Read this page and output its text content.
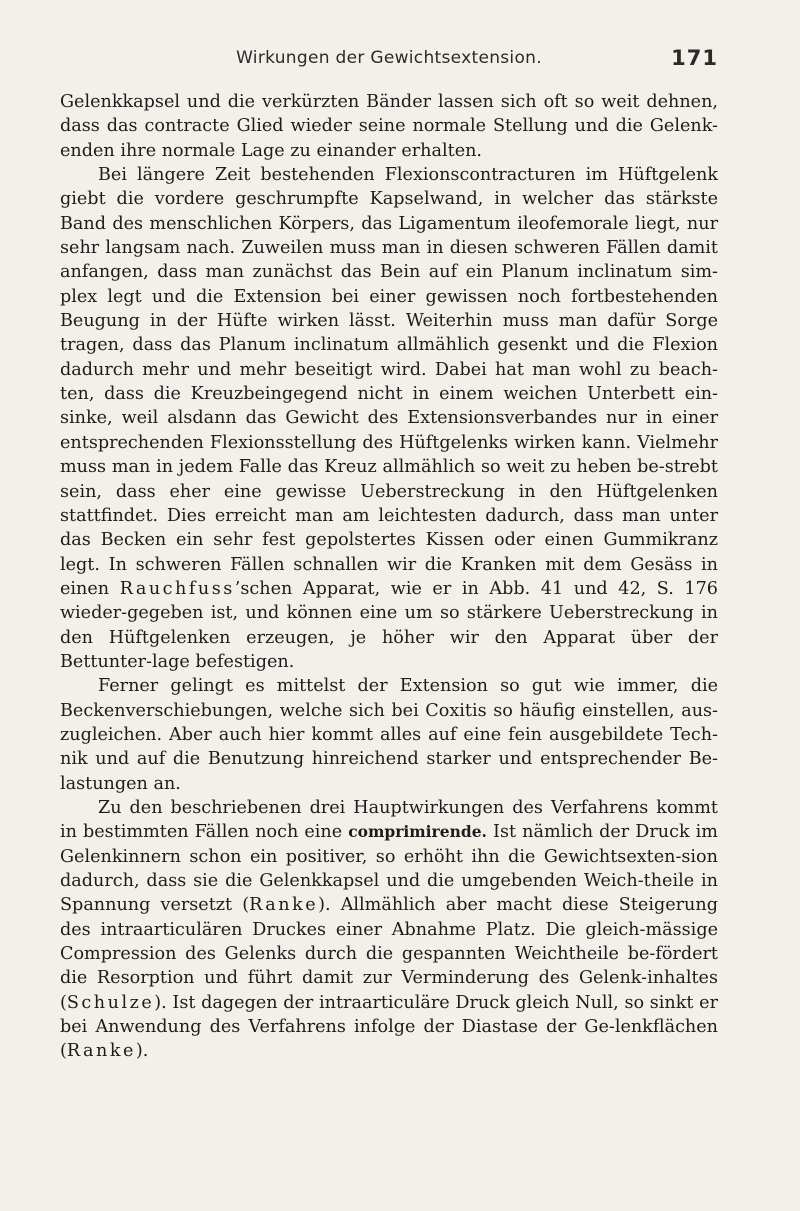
Wirkungen der Gewichtsextension.	171

Gelenkkapsel und die verkürzten Bänder lassen sich oft so weit dehnen, dass das contracte Glied wieder seine normale Stellung und die Gelenk-enden ihre normale Lage zu einander erhalten.

Bei längere Zeit bestehenden Flexionscontracturen im Hüftgelenk giebt die vordere geschrumpfte Kapselwand, in welcher das stärkste Band des menschlichen Körpers, das Ligamentum ileofemorale liegt, nur sehr langsam nach. Zuweilen muss man in diesen schweren Fällen damit anfangen, dass man zunächst das Bein auf ein Planum inclinatum sim-plex legt und die Extension bei einer gewissen noch fortbestehenden Beugung in der Hüfte wirken lässt. Weiterhin muss man dafür Sorge tragen, dass das Planum inclinatum allmählich gesenkt und die Flexion dadurch mehr und mehr beseitigt wird. Dabei hat man wohl zu beach-ten, dass die Kreuzbeingegend nicht in einem weichen Unterbett ein-sinke, weil alsdann das Gewicht des Extensionsverbandes nur in einer entsprechenden Flexionsstellung des Hüftgelenks wirken kann. Vielmehr muss man in jedem Falle das Kreuz allmählich so weit zu heben be-strebt sein, dass eher eine gewisse Ueberstreckung in den Hüftgelenken stattfindet. Dies erreicht man am leichtesten dadurch, dass man unter das Becken ein sehr fest gepolstertes Kissen oder einen Gummikranz legt. In schweren Fällen schnallen wir die Kranken mit dem Gesäss in einen Rauchfuss’schen Apparat, wie er in Abb. 41 und 42, S. 176 wieder-gegeben ist, und können eine um so stärkere Ueberstreckung in den Hüftgelenken erzeugen, je höher wir den Apparat über der Bettunter-lage befestigen.

Ferner gelingt es mittelst der Extension so gut wie immer, die Beckenverschiebungen, welche sich bei Coxitis so häufig einstellen, aus-zugleichen. Aber auch hier kommt alles auf eine fein ausgebildete Tech-nik und auf die Benutzung hinreichend starker und entsprechender Be-lastungen an.

Zu den beschriebenen drei Hauptwirkungen des Verfahrens kommt in bestimmten Fällen noch eine comprimirende. Ist nämlich der Druck im Gelenkinnern schon ein positiver, so erhöht ihn die Gewichtsexten-sion dadurch, dass sie die Gelenkkapsel und die umgebenden Weich-theile in Spannung versetzt (Ranke). Allmählich aber macht diese Steigerung des intraarticulären Druckes einer Abnahme Platz. Die gleich-mässige Compression des Gelenks durch die gespannten Weichtheile be-fördert die Resorption und führt damit zur Verminderung des Gelenk-inhaltes (Schulze). Ist dagegen der intraarticuläre Druck gleich Null, so sinkt er bei Anwendung des Verfahrens infolge der Diastase der Ge-lenkflächen (Ranke).
